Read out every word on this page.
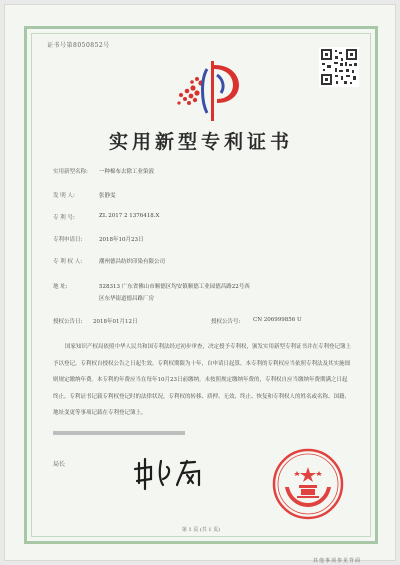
证书号第8050852号
实用新型专利证书
实用新型名称:	一种棉布去除工业染液
发 明 人:	张静雯
专 利 号:	ZL 2017 2 1376418.X
专利申请日:	2018年10月23日
专 利 权 人:	潮州德昌纺织印染有限公司
地 址:	528313 广东省佛山市顺德区均安镇顺德工业园德昌路22号西
区东华街道德昌路厂房
授权公告日: 2018年01月12日	授权公告号: CN 206999856 U
国家知识产权局依照中华人民共和国专利法经过初步审查，决定授予专利权，颁发实用新型专利证书并在专利登记簿上予以登记。专利权自授权公告之日起生效。专利权期限为十年，自申请日起算。本专利的专利权应当依照专利法及其实施细则规定缴纳年费。本专利的年费应当在每年10月23日前缴纳。未按照规定缴纳年费的，专利权自应当缴纳年费期满之日起终止。专利证书记载专利权登记时的法律状况。专利权的转移、质押、无效、终止、恢复和专利权人的姓名或名称、国籍、地址变更等事项记载在专利登记簿上。
局长
第 1 页 (共 1 页)
其他事项参见背面
